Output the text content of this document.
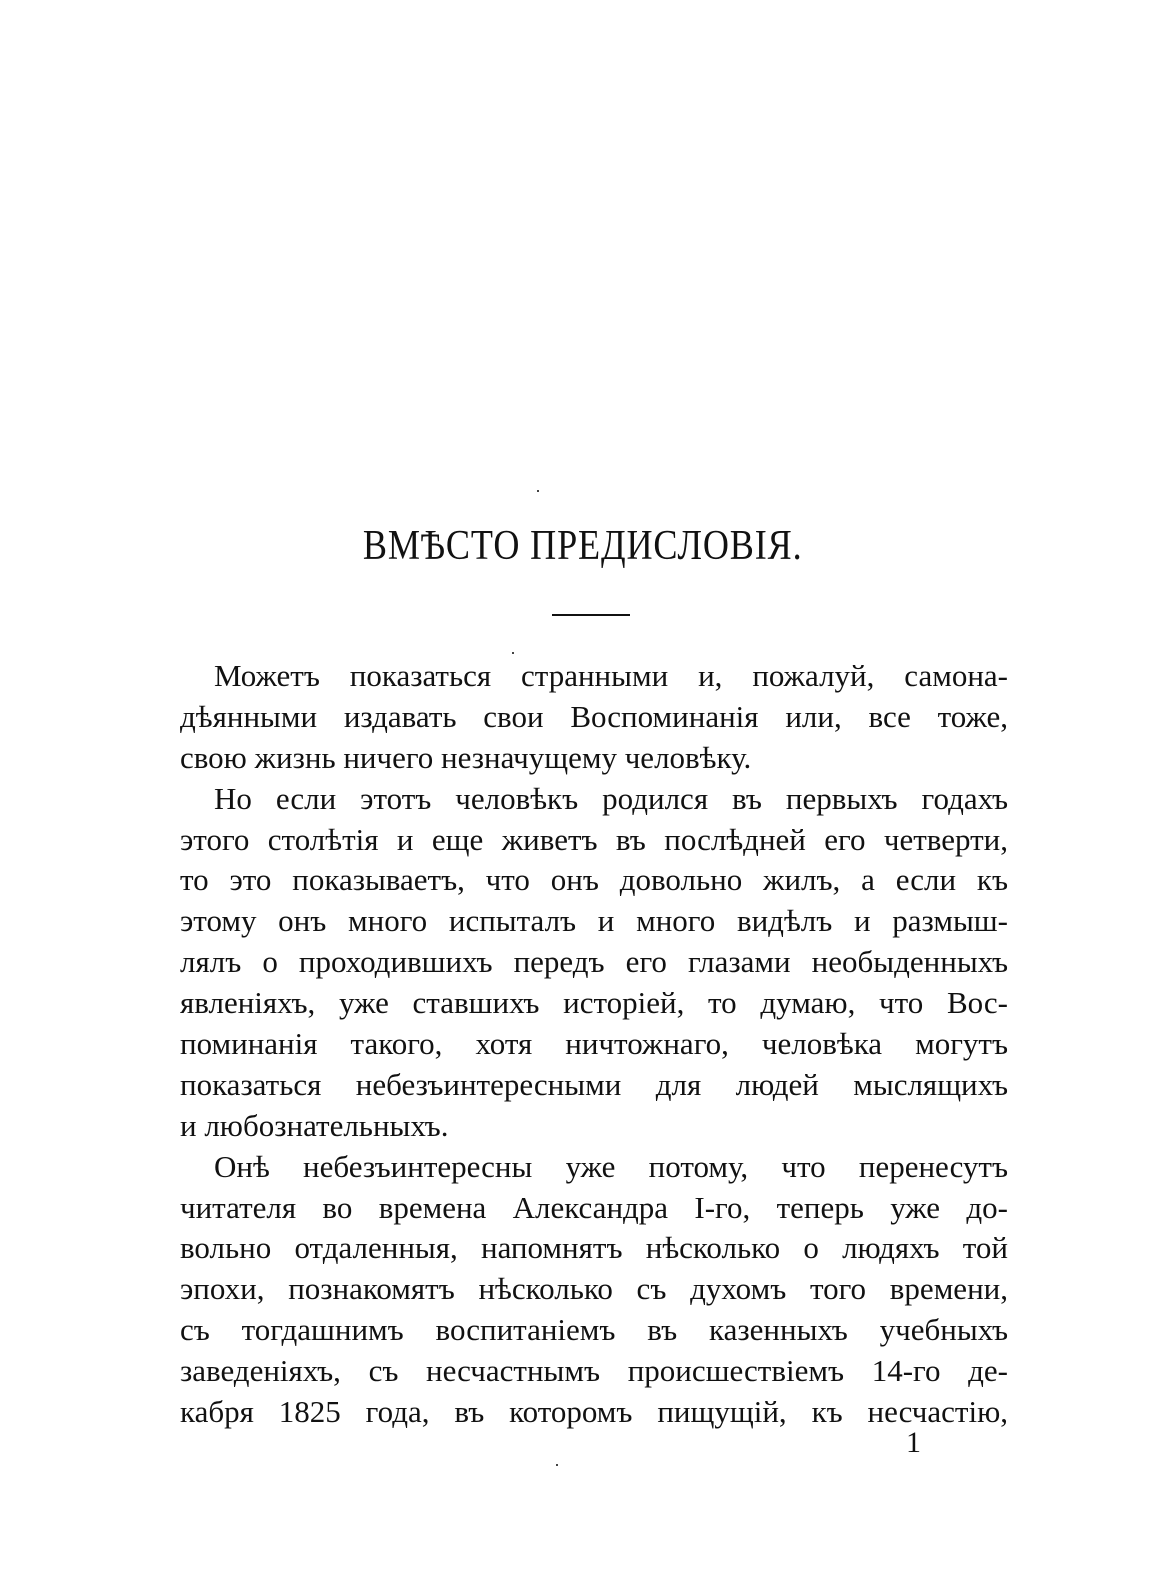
ВМѢСТО ПРЕДИСЛОВІЯ.
Можетъ показаться странными и, пожалуй, самона-
дѣянными издавать свои Воспоминанія или, все тоже,
свою жизнь ничего незначущему человѣку.
Но если этотъ человѣкъ родился въ первыхъ годахъ
этого столѣтія и еще живетъ въ послѣдней его четверти,
то это показываетъ, что онъ довольно жилъ, а если къ
этому онъ много испыталъ и много видѣлъ и размыш-
лялъ о проходившихъ передъ его глазами необыденныхъ
явленіяхъ, уже ставшихъ исторіей, то думаю, что Вос-
поминанія такого, хотя ничтожнаго, человѣка могутъ
показаться небезъинтересными для людей мыслящихъ
и любознательныхъ.
Онѣ небезъинтересны уже потому, что перенесутъ
читателя во времена Александра I-го, теперь уже до-
вольно отдаленныя, напомнятъ нѣсколько о людяхъ той
эпохи, познакомятъ нѣсколько съ духомъ того времени,
съ тогдашнимъ воспитаніемъ въ казенныхъ учебныхъ
заведеніяхъ, съ несчастнымъ происшествіемъ 14-го де-
кабря 1825 года, въ которомъ пищущій, къ несчастію,
1
